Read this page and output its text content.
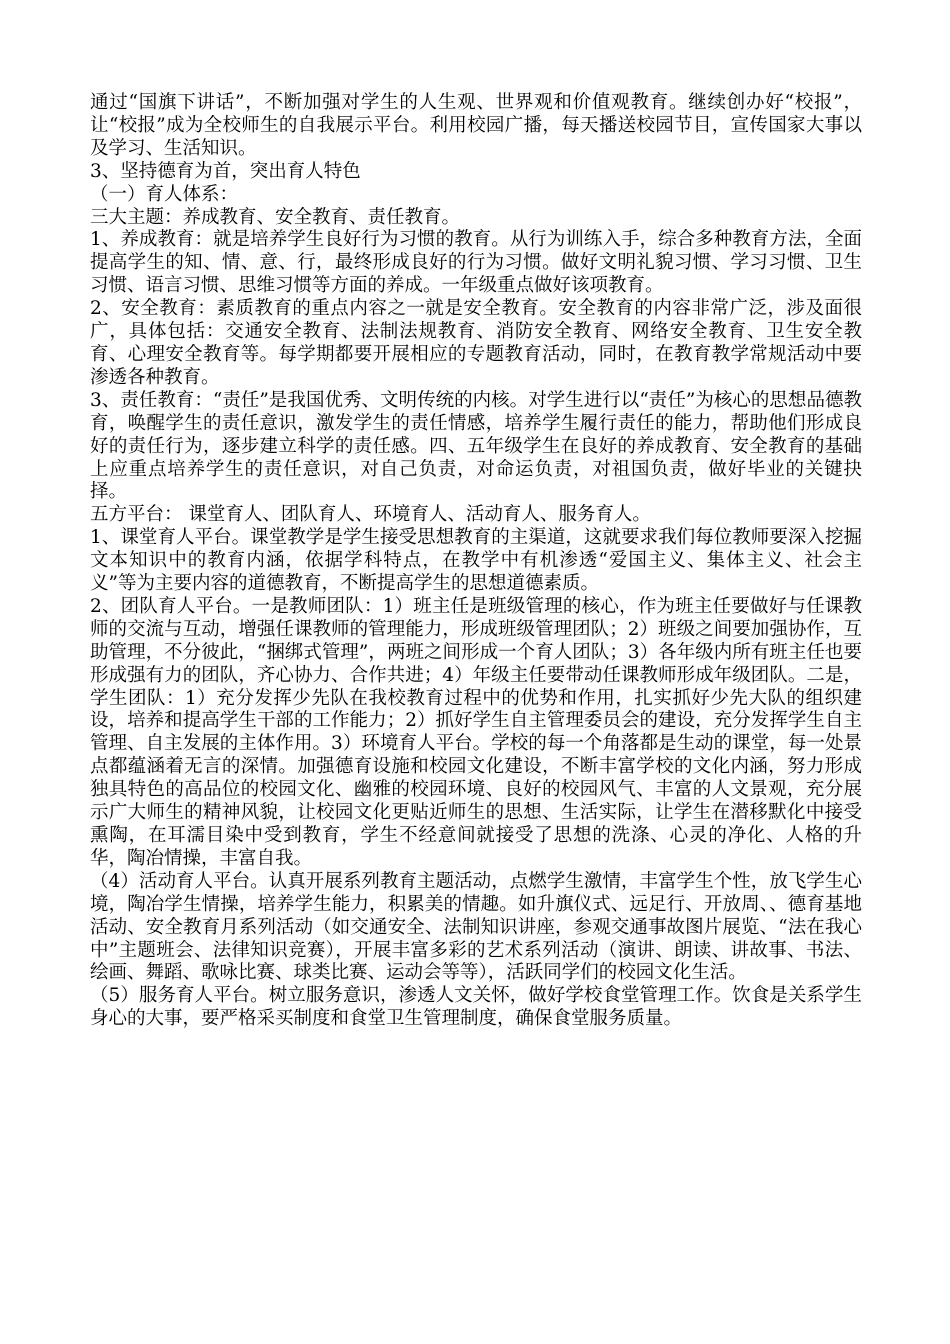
通过“国旗下讲话”，不断加强对学生的人生观、世界观和价值观教育。继续创办好“校报”，让“校报”成为全校师生的自我展示平台。利用校园广播，每天播送校园节目，宣传国家大事以及学习、生活知识。

3、坚持德育为首，突出育人特色

（一）育人体系：

三大主题：养成教育、安全教育、责任教育。

1、养成教育：就是培养学生良好行为习惯的教育。从行为训练入手，综合多种教育方法，全面提高学生的知、情、意、行，最终形成良好的行为习惯。做好文明礼貌习惯、学习习惯、卫生习惯、语言习惯、思维习惯等方面的养成。一年级重点做好该项教育。

2、安全教育：素质教育的重点内容之一就是安全教育。安全教育的内容非常广泛，涉及面很广，具体包括：交通安全教育、法制法规教育、消防安全教育、网络安全教育、卫生安全教育、心理安全教育等。每学期都要开展相应的专题教育活动，同时，在教育教学常规活动中要渗透各种教育。

3、责任教育：“责任”是我国优秀、文明传统的内核。对学生进行以“责任”为核心的思想品德教育，唤醒学生的责任意识，激发学生的责任情感，培养学生履行责任的能力，帮助他们形成良好的责任行为，逐步建立科学的责任感。四、五年级学生在良好的养成教育、安全教育的基础上应重点培养学生的责任意识，对自己负责，对命运负责，对祖国负责，做好毕业的关键抉择。

五方平台： 课堂育人、团队育人、环境育人、活动育人、服务育人。

1、课堂育人平台。课堂教学是学生接受思想教育的主渠道，这就要求我们每位教师要深入挖掘文本知识中的教育内涵，依据学科特点，在教学中有机渗透“爱国主义、集体主义、社会主义”等为主要内容的道德教育，不断提高学生的思想道德素质。

2、团队育人平台。一是教师团队：1）班主任是班级管理的核心，作为班主任要做好与任课教师的交流与互动，增强任课教师的管理能力，形成班级管理团队；2）班级之间要加强协作，互助管理，不分彼此，“捆绑式管理”，两班之间形成一个育人团队；3）各年级内所有班主任也要形成强有力的团队，齐心协力、合作共进；4）年级主任要带动任课教师形成年级团队。二是，学生团队：1）充分发挥少先队在我校教育过程中的优势和作用，扎实抓好少先大队的组织建设，培养和提高学生干部的工作能力；2）抓好学生自主管理委员会的建设，充分发挥学生自主管理、自主发展的主体作用。3）环境育人平台。学校的每一个角落都是生动的课堂，每一处景点都蕴涵着无言的深情。加强德育设施和校园文化建设，不断丰富学校的文化内涵，努力形成独具特色的高品位的校园文化、幽雅的校园环境、良好的校园风气、丰富的人文景观，充分展示广大师生的精神风貌，让校园文化更贴近师生的思想、生活实际，让学生在潜移默化中接受熏陶，在耳濡目染中受到教育，学生不经意间就接受了思想的洗涤、心灵的净化、人格的升华，陶冶情操，丰富自我。

（4）活动育人平台。认真开展系列教育主题活动，点燃学生激情，丰富学生个性，放飞学生心境，陶冶学生情操，培养学生能力，积累美的情趣。如升旗仪式、远足行、开放周、、德育基地活动、安全教育月系列活动（如交通安全、法制知识讲座，参观交通事故图片展览、“法在我心中”主题班会、法律知识竞赛），开展丰富多彩的艺术系列活动（演讲、朗读、讲故事、书法、绘画、舞蹈、歌咏比赛、球类比赛、运动会等等），活跃同学们的校园文化生活。

（5）服务育人平台。树立服务意识，渗透人文关怀，做好学校食堂管理工作。饮食是关系学生身心的大事，要严格采买制度和食堂卫生管理制度，确保食堂服务质量。
